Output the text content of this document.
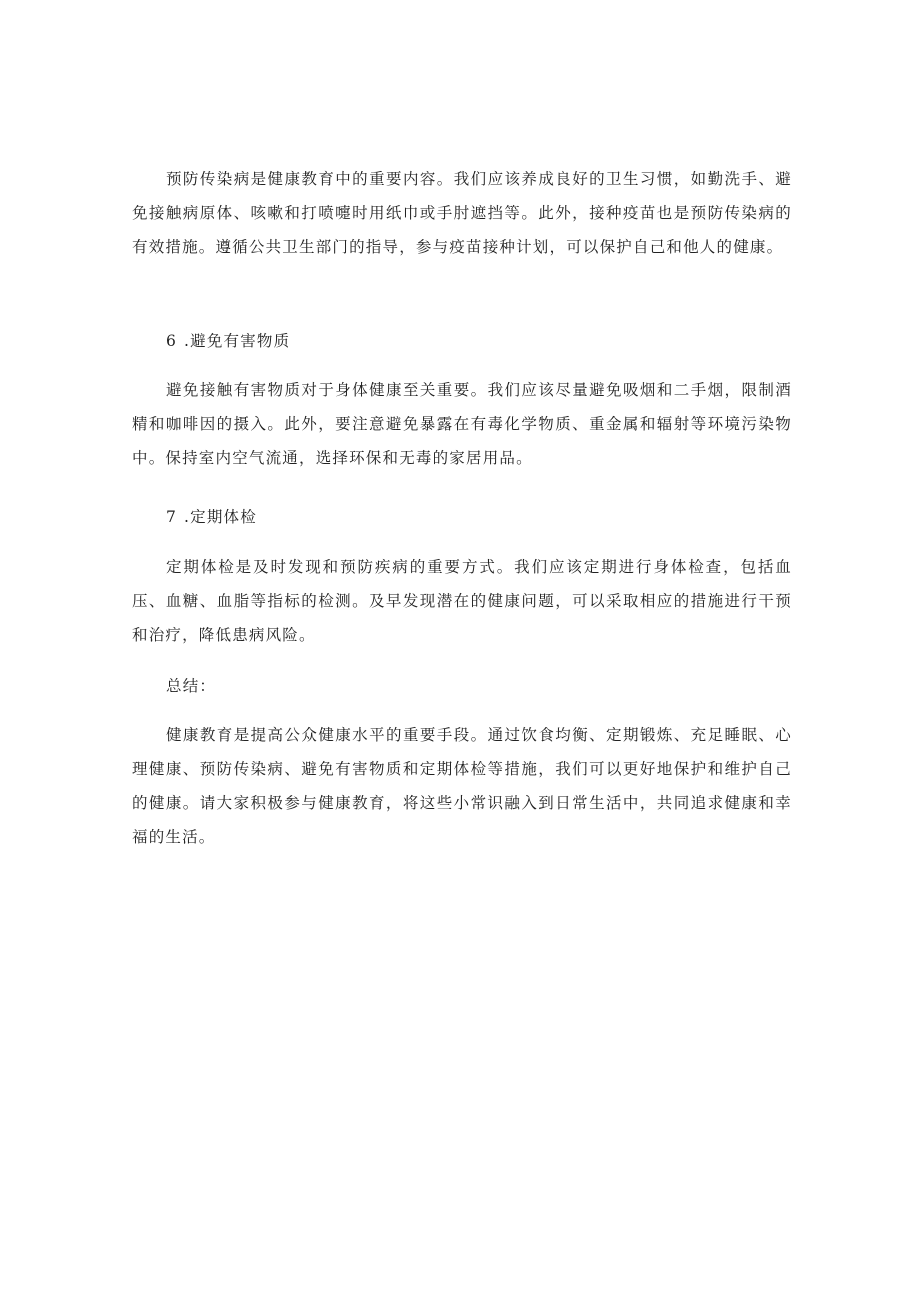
预防传染病是健康教育中的重要内容。我们应该养成良好的卫生习惯，如勤洗手、避免接触病原体、咳嗽和打喷嚏时用纸巾或手肘遮挡等。此外，接种疫苗也是预防传染病的有效措施。遵循公共卫生部门的指导，参与疫苗接种计划，可以保护自己和他人的健康。

6 .避免有害物质

避免接触有害物质对于身体健康至关重要。我们应该尽量避免吸烟和二手烟，限制酒精和咖啡因的摄入。此外，要注意避免暴露在有毒化学物质、重金属和辐射等环境污染物中。保持室内空气流通，选择环保和无毒的家居用品。

7 .定期体检

定期体检是及时发现和预防疾病的重要方式。我们应该定期进行身体检查，包括血压、血糖、血脂等指标的检测。及早发现潜在的健康问题，可以采取相应的措施进行干预和治疗，降低患病风险。

总结：

健康教育是提高公众健康水平的重要手段。通过饮食均衡、定期锻炼、充足睡眠、心理健康、预防传染病、避免有害物质和定期体检等措施，我们可以更好地保护和维护自己的健康。请大家积极参与健康教育，将这些小常识融入到日常生活中，共同追求健康和幸福的生活。
